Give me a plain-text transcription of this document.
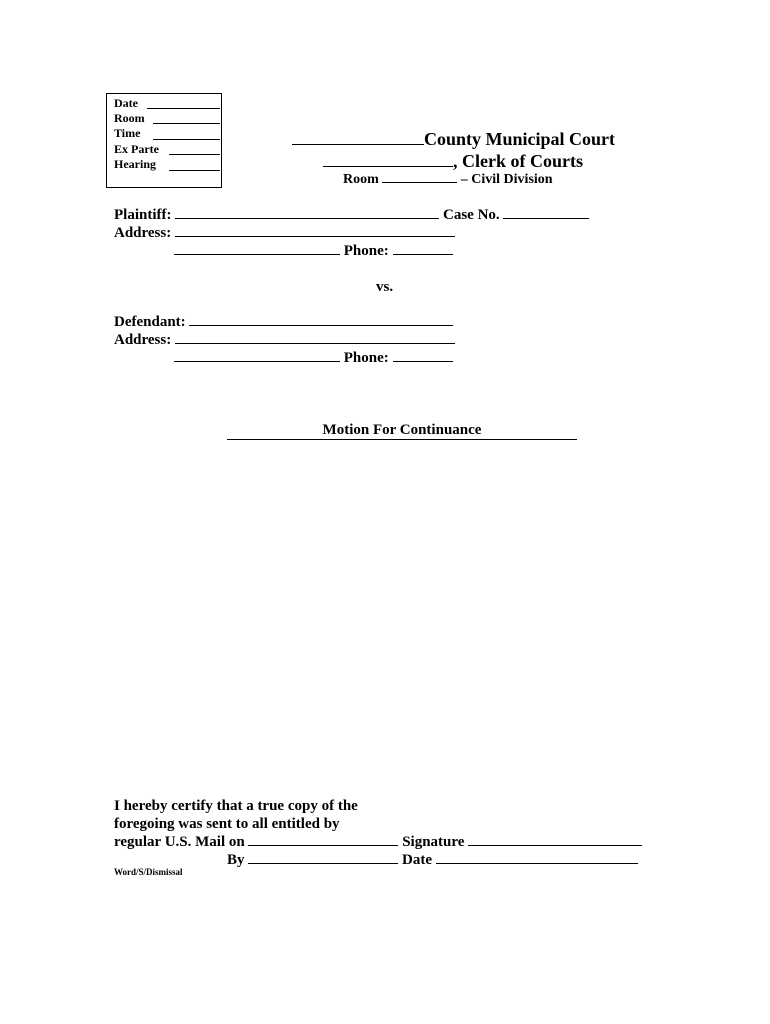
Date
Room
Time
Ex Parte
Hearing
County Municipal Court
, Clerk of Courts
Room	– Civil Division
Plaintiff:	Case No.
Address:
Phone:
vs.
Defendant:
Address:
Phone:
Motion For Continuance
I hereby certify that a true copy of the
foregoing was sent to all entitled by
regular U.S. Mail on	Signature
By	Date
Word/S/Dismissal
